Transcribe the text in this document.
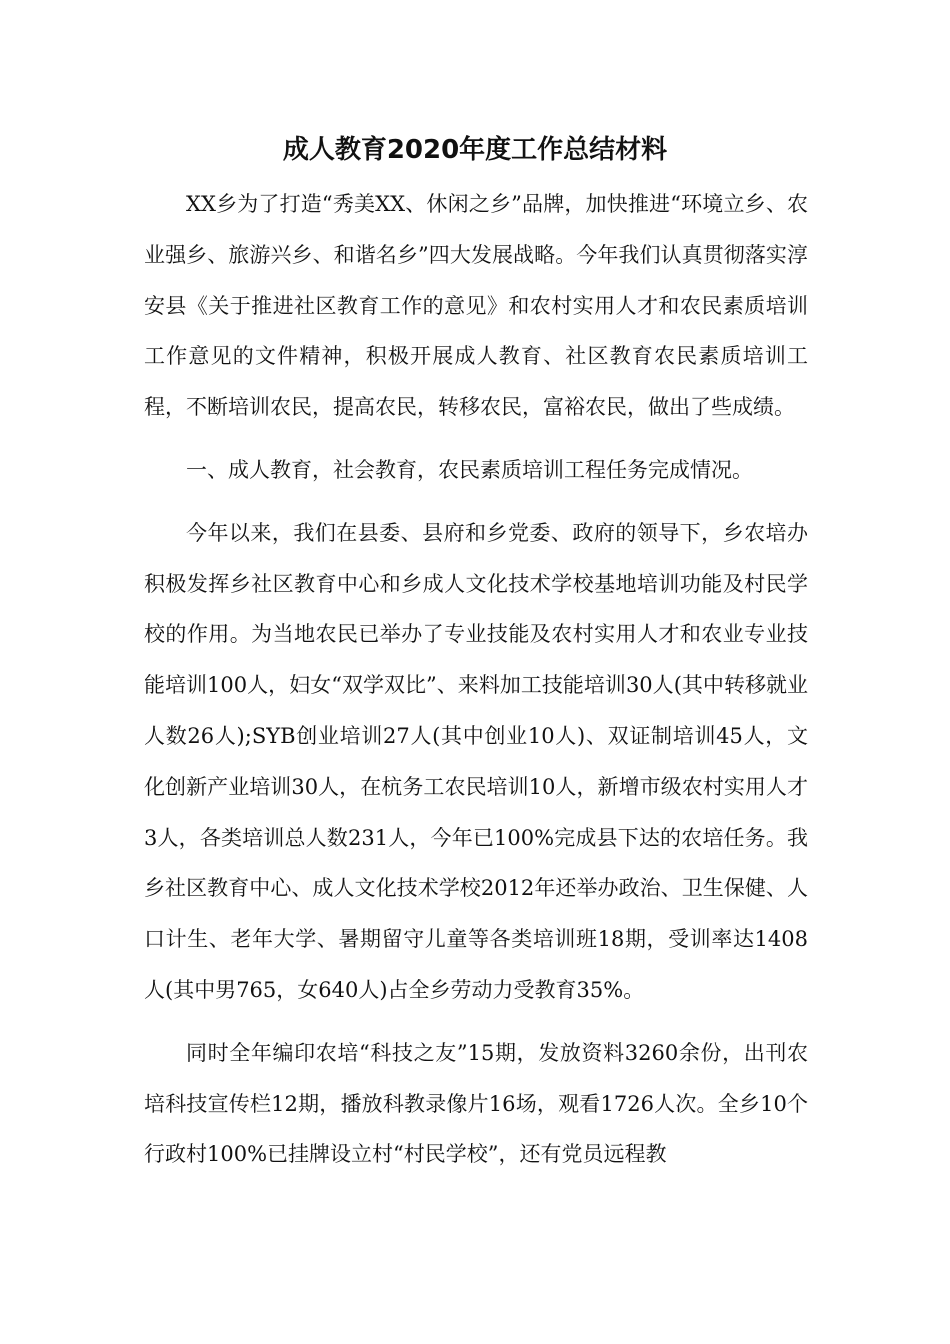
成人教育2020年度工作总结材料

XX乡为了打造“秀美XX、休闲之乡”品牌，加快推进“环境立乡、农业强乡、旅游兴乡、和谐名乡”四大发展战略。今年我们认真贯彻落实淳安县《关于推进社区教育工作的意见》和农村实用人才和农民素质培训工作意见的文件精神，积极开展成人教育、社区教育农民素质培训工程，不断培训农民，提高农民，转移农民，富裕农民，做出了些成绩。

一、成人教育，社会教育，农民素质培训工程任务完成情况。

今年以来，我们在县委、县府和乡党委、政府的领导下，乡农培办积极发挥乡社区教育中心和乡成人文化技术学校基地培训功能及村民学校的作用。为当地农民已举办了专业技能及农村实用人才和农业专业技能培训100人，妇女“双学双比”、来料加工技能培训30人(其中转移就业人数26人);SYB创业培训27人(其中创业10人)、双证制培训45人，文化创新产业培训30人，在杭务工农民培训10人，新增市级农村实用人才3人，各类培训总人数231人，今年已100%完成县下达的农培任务。我乡社区教育中心、成人文化技术学校2012年还举办政治、卫生保健、人口计生、老年大学、暑期留守儿童等各类培训班18期，受训率达1408人(其中男765，女640人)占全乡劳动力受教育35%。

同时全年编印农培“科技之友”15期，发放资料3260余份，出刊农培科技宣传栏12期，播放科教录像片16场，观看1726人次。全乡10个行政村100%已挂牌设立村“村民学校”，还有党员远程教
